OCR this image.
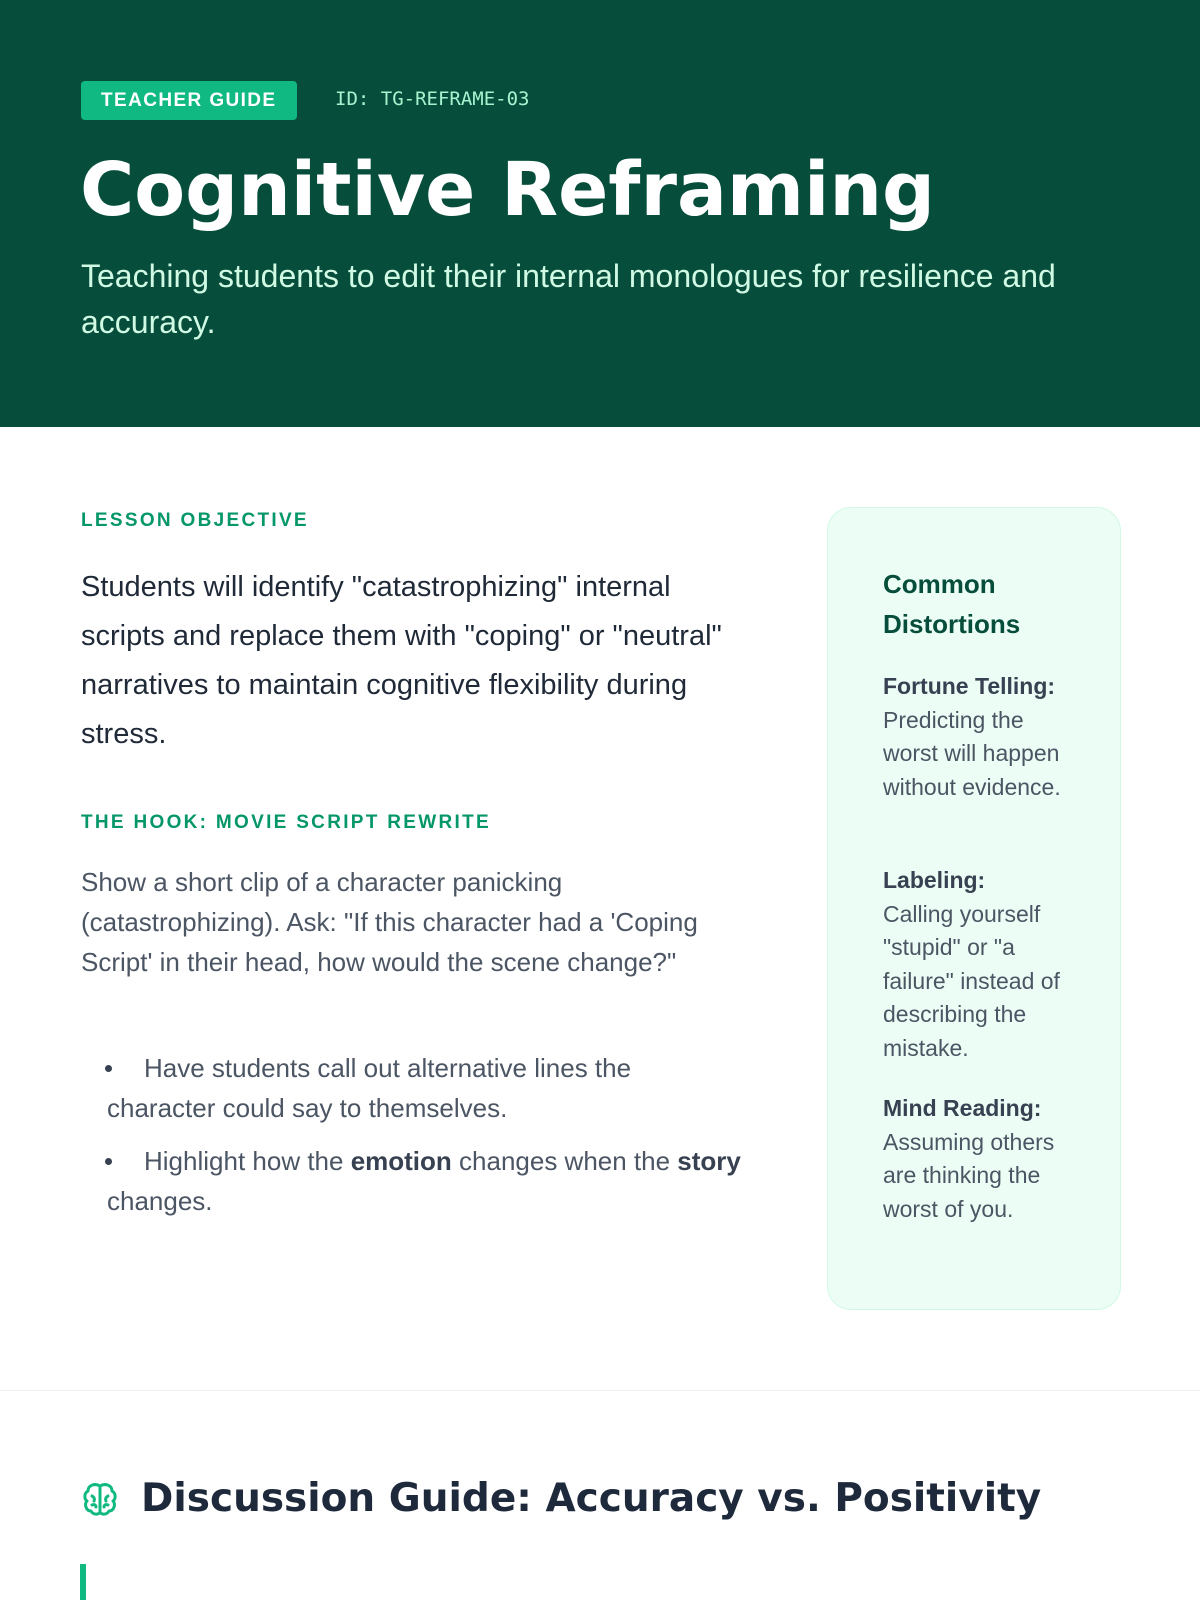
TEACHER GUIDE	ID: TG-REFRAME-03
Cognitive Reframing

Teaching students to edit their internal monologues for resilience and accuracy.

LESSON OBJECTIVE

Students will identify "catastrophizing" internal scripts and replace them with "coping" or "neutral" narratives to maintain cognitive flexibility during stress.

THE HOOK: MOVIE SCRIPT REWRITE

Show a short clip of a character panicking (catastrophizing). Ask: "If this character had a 'Coping Script' in their head, how would the scene change?"

Have students call out alternative lines the character could say to themselves.
Highlight how the emotion changes when the story changes.
Common Distortions
Fortune Telling:
Predicting the worst will happen without evidence.
Labeling:
Calling yourself "stupid" or "a failure" instead of describing the mistake.
Mind Reading:
Assuming others are thinking the worst of you.
Discussion Guide: Accuracy vs. Positivity
